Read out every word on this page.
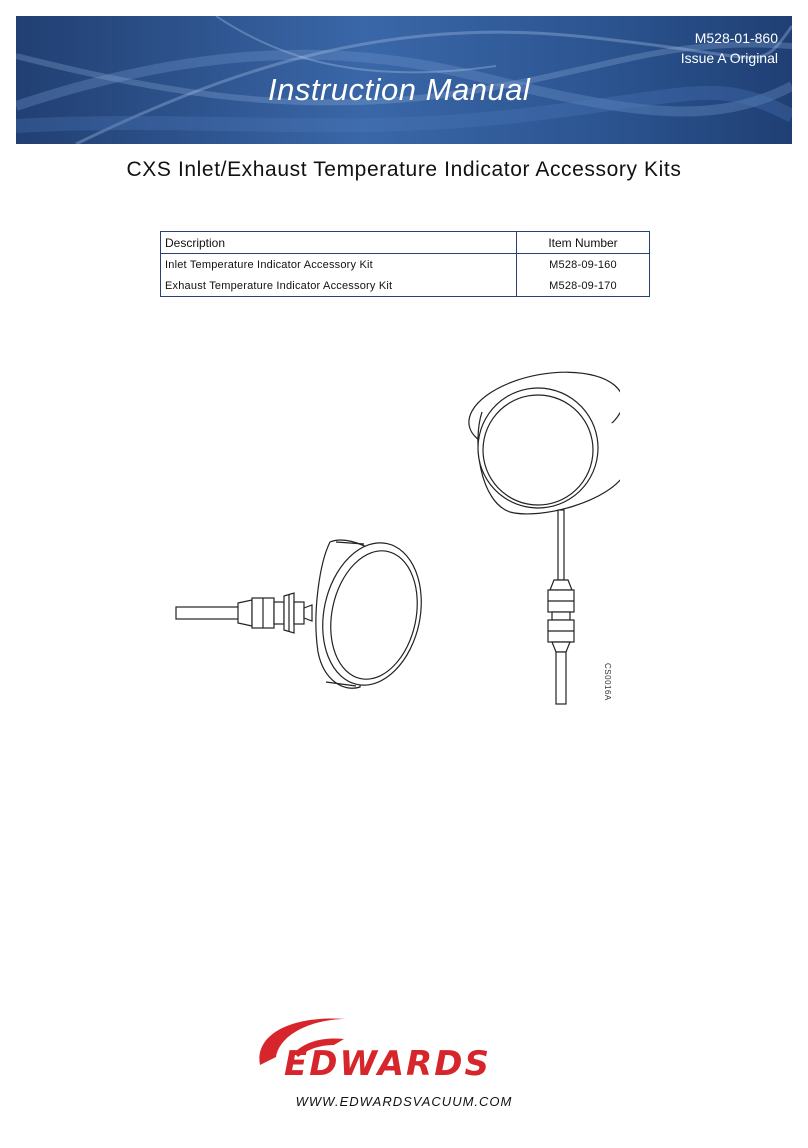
M528-01-860
Issue A Original
Instruction Manual
CXS Inlet/Exhaust Temperature Indicator Accessory Kits
Description	Item Number
Inlet Temperature Indicator Accessory Kit	M528-09-160
Exhaust Temperature Indicator Accessory Kit	M528-09-170
CS0016A
EDWARDS
WWW.EDWARDSVACUUM.COM
